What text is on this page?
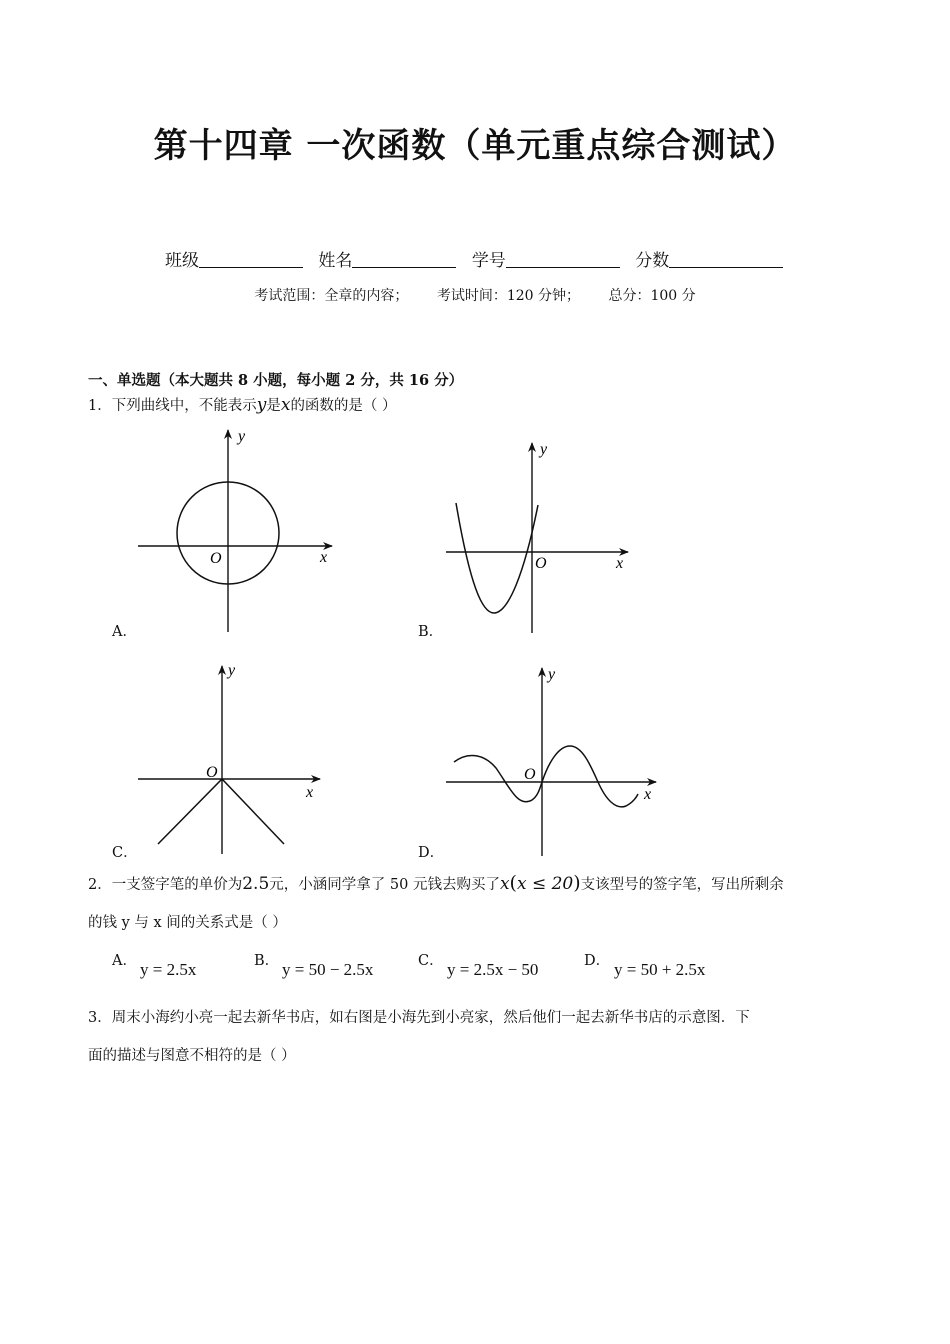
第十四章 一次函数（单元重点综合测试）
班级	姓名	学号	分数
考试范围：全章的内容； 考试时间：120 分钟； 总分：100 分
一、单选题（本大题共 8 小题，每小题 2 分，共 16 分）
1．下列曲线中，不能表示y是x的函数的是（ ）
y
x
O
A．
y
x
O
B．
y
x
O
C．
y
x
O
D．
2．一支签字笔的单价为2.5元，小涵同学拿了 50 元钱去购买了x(x ≤ 20)支该型号的签字笔，写出所剩余
的钱 y 与 x 间的关系式是（ ）
A． y = 2.5x	B． y = 50 − 2.5x	C． y = 2.5x − 50	D． y = 50 + 2.5x
3．周末小海约小亮一起去新华书店，如右图是小海先到小亮家，然后他们一起去新华书店的示意图．下
面的描述与图意不相符的是（ ）
